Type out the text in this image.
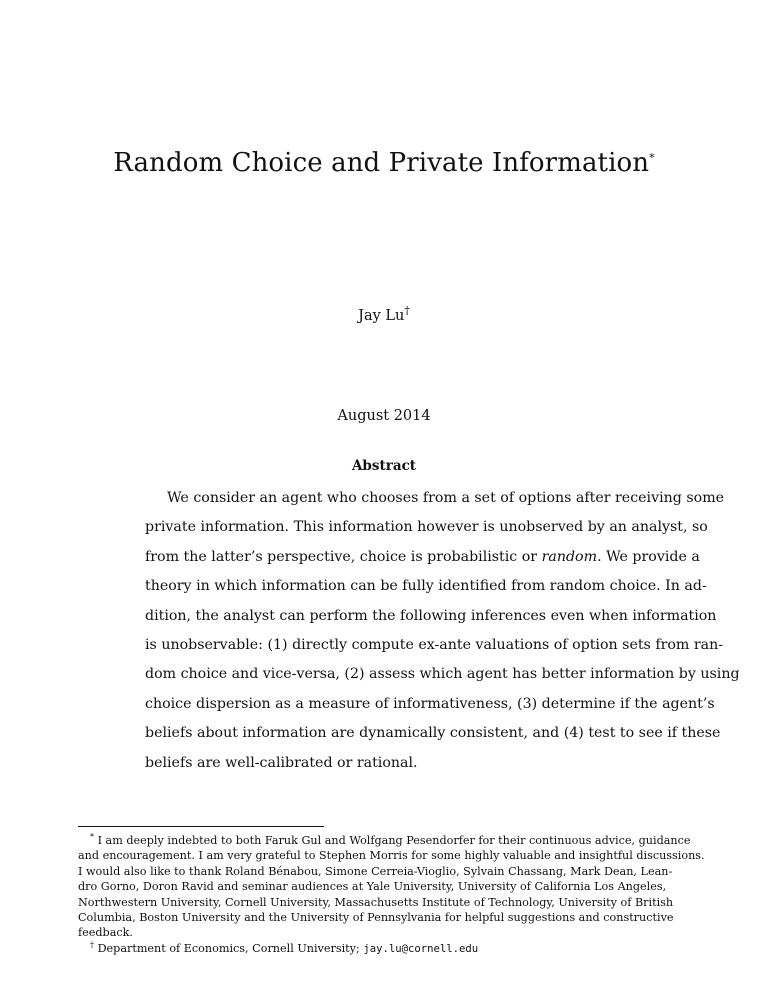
Random Choice and Private Information*
Jay Lu†
August 2014
Abstract
We consider an agent who chooses from a set of options after receiving some
private information. This information however is unobserved by an analyst, so
from the latter’s perspective, choice is probabilistic or random. We provide a
theory in which information can be fully identified from random choice. In ad-
dition, the analyst can perform the following inferences even when information
is unobservable: (1) directly compute ex-ante valuations of option sets from ran-
dom choice and vice-versa, (2) assess which agent has better information by using
choice dispersion as a measure of informativeness, (3) determine if the agent’s
beliefs about information are dynamically consistent, and (4) test to see if these
beliefs are well-calibrated or rational.
* I am deeply indebted to both Faruk Gul and Wolfgang Pesendorfer for their continuous advice, guidance
and encouragement. I am very grateful to Stephen Morris for some highly valuable and insightful discussions.
I would also like to thank Roland Bénabou, Simone Cerreia-Vioglio, Sylvain Chassang, Mark Dean, Lean-
dro Gorno, Doron Ravid and seminar audiences at Yale University, University of California Los Angeles,
Northwestern University, Cornell University, Massachusetts Institute of Technology, University of British
Columbia, Boston University and the University of Pennsylvania for helpful suggestions and constructive
feedback.
† Department of Economics, Cornell University; jay.lu@cornell.edu
